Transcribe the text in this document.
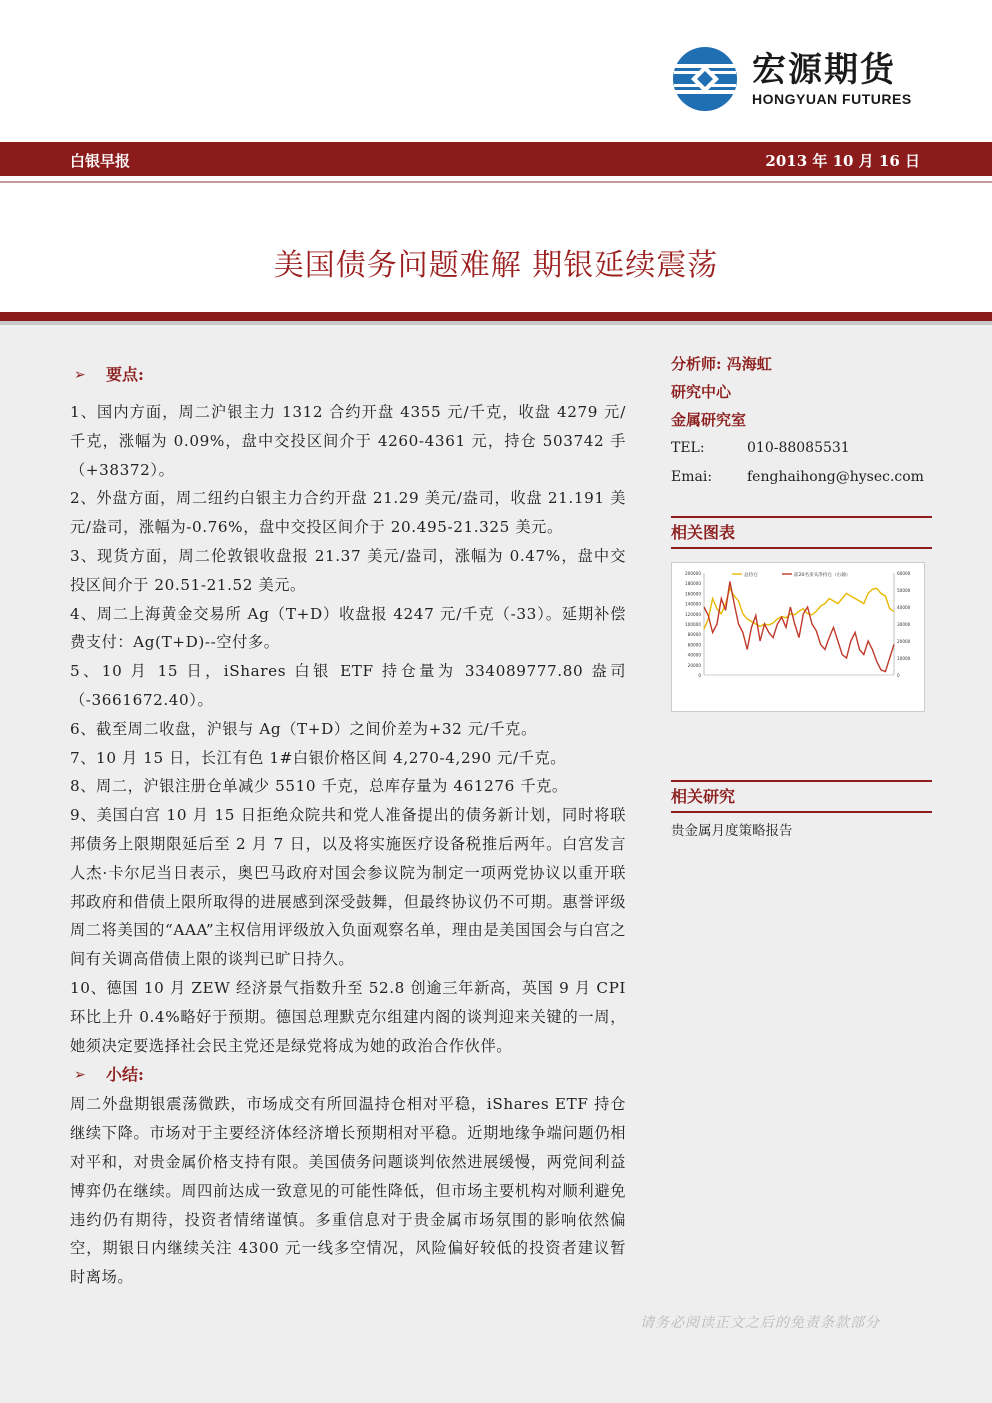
宏源期货
HONGYUAN FUTURES
白银早报	2013 年 10 月 16 日
美国债务问题难解 期银延续震荡
➢	要点:

1、国内方面，周二沪银主力 1312 合约开盘 4355 元/千克，收盘 4279 元/千克，涨幅为 0.09%，盘中交投区间介于 4260-4361 元，持仓 503742 手（+38372）。

2、外盘方面，周二纽约白银主力合约开盘 21.29 美元/盎司，收盘 21.191 美元/盎司，涨幅为-0.76%，盘中交投区间介于 20.495-21.325 美元。

3、现货方面，周二伦敦银收盘报 21.37 美元/盎司，涨幅为 0.47%，盘中交投区间介于 20.51-21.52 美元。

4、周二上海黄金交易所 Ag（T+D）收盘报 4247 元/千克（-33）。延期补偿费支付：Ag(T+D)--空付多。

5、10 月 15 日，iShares 白银 ETF 持仓量为 334089777.80 盎司（-3661672.40）。

6、截至周二收盘，沪银与 Ag（T+D）之间价差为+32 元/千克。

7、10 月 15 日，长江有色 1#白银价格区间 4,270-4,290 元/千克。

8、周二，沪银注册仓单减少 5510 千克，总库存量为 461276 千克。

9、美国白宫 10 月 15 日拒绝众院共和党人准备提出的债务新计划，同时将联邦债务上限期限延后至 2 月 7 日，以及将实施医疗设备税推后两年。白宫发言人杰·卡尔尼当日表示，奥巴马政府对国会参议院为制定一项两党协议以重开联邦政府和借债上限所取得的进展感到深受鼓舞，但最终协议仍不可期。惠誉评级周二将美国的“AAA”主权信用评级放入负面观察名单，理由是美国国会与白宫之间有关调高借债上限的谈判已旷日持久。

10、德国 10 月 ZEW 经济景气指数升至 52.8 创逾三年新高，英国 9 月 CPI 环比上升 0.4%略好于预期。德国总理默克尔组建内阁的谈判迎来关键的一周，她须决定要选择社会民主党还是绿党将成为她的政治合作伙伴。

➢	小结:

周二外盘期银震荡微跌，市场成交有所回温持仓相对平稳，iShares ETF 持仓继续下降。市场对于主要经济体经济增长预期相对平稳。近期地缘争端问题仍相对平和，对贵金属价格支持有限。美国债务问题谈判依然进展缓慢，两党间利益博弈仍在继续。周四前达成一致意见的可能性降低，但市场主要机构对顺利避免违约仍有期待，投资者情绪谨慎。多重信息对于贵金属市场氛围的影响依然偏空，期银日内继续关注 4300 元一线多空情况，风险偏好较低的投资者建议暂时离场。

分析师: 冯海虹
研究中心
金属研究室
TEL:	010-88085531
Emai:	fenghaihong@hysec.com
相关图表
200000
180000
160000
140000
120000
100000
80000
60000
40000
20000
0
60000
50000
40000
30000
20000
10000
0
总持仓	前20名多头净持仓（右轴）
相关研究
贵金属月度策略报告
请务必阅读正文之后的免责条款部分
